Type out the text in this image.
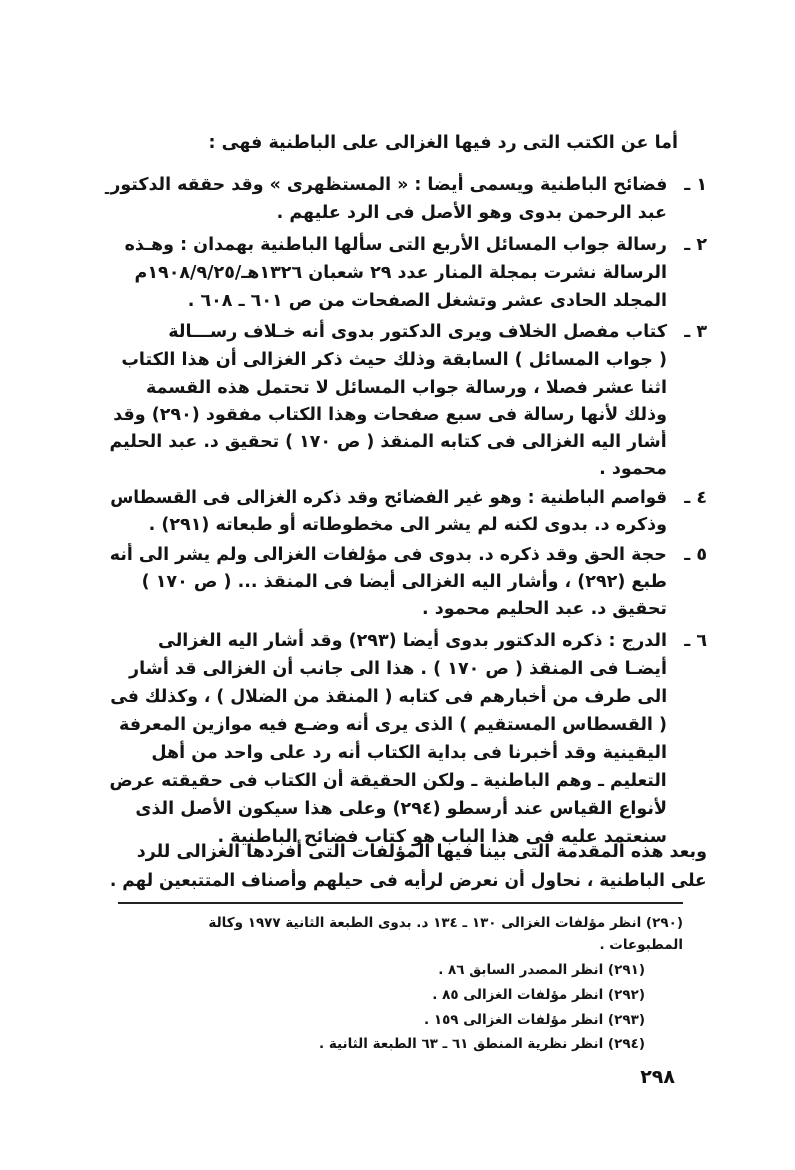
أما عن الكتب التى رد فيها الغزالى على الباطنية فهى :
١ ـ
فضائح الباطنية ويسمى أيضا : « المستظهرى » وقد حققه الدكتور
عبد الرحمن بدوى وهو الأصل فى الرد عليهم .
٢ ـ
رسالة جواب المسائل الأربع التى سألها الباطنية بهمدان : وهـذه
الرسالة نشرت بمجلة المنار عدد ٢٩ شعبان ١٣٢٦هـ/١٩٠٨/٩/٢٥م
المجلد الحادى عشر وتشغل الصفحات من ص ٦٠١ ـ ٦٠٨ .
٣ ـ
كتاب مفصل الخلاف ويرى الدكتور بدوى أنه خـلاف رســـالة
( جواب المسائل ) السابقة وذلك حيث ذكر الغزالى أن هذا الكتاب
اثنا عشر فصلا ، ورسالة جواب المسائل لا تحتمل هذه القسمة
وذلك لأنها رسالة فى سبع صفحات وهذا الكتاب مفقود (٢٩٠) وقد
أشار اليه الغزالى فى كتابه المنقذ ( ص ١٧٠ ) تحقيق د. عبد الحليم
محمود .
٤ ـ
قواصم الباطنية : وهو غير الفضائح وقد ذكره الغزالى فى القسطاس
وذكره د. بدوى لكنه لم يشر الى مخطوطاته أو طبعاته (٢٩١) .
٥ ـ
حجة الحق وقد ذكره د. بدوى فى مؤلفات الغزالى ولم يشر الى أنه
طبع (٢٩٢) ، وأشار اليه الغزالى أيضا فى المنقذ ... ( ص ١٧٠ )
تحقيق د. عبد الحليم محمود .
٦ ـ
الدرج : ذكره الدكتور بدوى أيضا (٢٩٣) وقد أشار اليه الغزالى
أيضـا فى المنقذ ( ص ١٧٠ ) . هذا الى جانب أن الغزالى قد أشار
الى طرف من أخبارهم فى كتابه ( المنقذ من الضلال ) ، وكذلك فى
( القسطاس المستقيم ) الذى يرى أنه وضـع فيه موازين المعرفة
اليقينية وقد أخبرنا فى بداية الكتاب أنه رد على واحد من أهل
التعليم ـ وهم الباطنية ـ ولكن الحقيقة أن الكتاب فى حقيقته عرض
لأنواع القياس عند أرسطو (٢٩٤) وعلى هذا سيكون الأصل الذى
سنعتمد عليه فى هذا الباب هو كتاب فضائح الباطنية .
وبعد هذه المقدمة التى بينا فيها المؤلفات التى أفردها الغزالى للرد
على الباطنية ، نحاول أن نعرض لرأيه فى حيلهم وأصناف المتتبعين لهم .
(٢٩٠) انظر مؤلفات الغزالى ١٣٠ ـ ١٣٤ د. بدوى الطبعة الثانية ١٩٧٧ وكالة
المطبوعات .
(٢٩١) انظر المصدر السابق ٨٦ .
(٢٩٢) انظر مؤلفات الغزالى ٨٥ .
(٢٩٣) انظر مؤلفات الغزالى ١٥٩ .
(٢٩٤) انظر نظرية المنطق ٦١ ـ ٦٣ الطبعة الثانية .
٢٩٨
-
